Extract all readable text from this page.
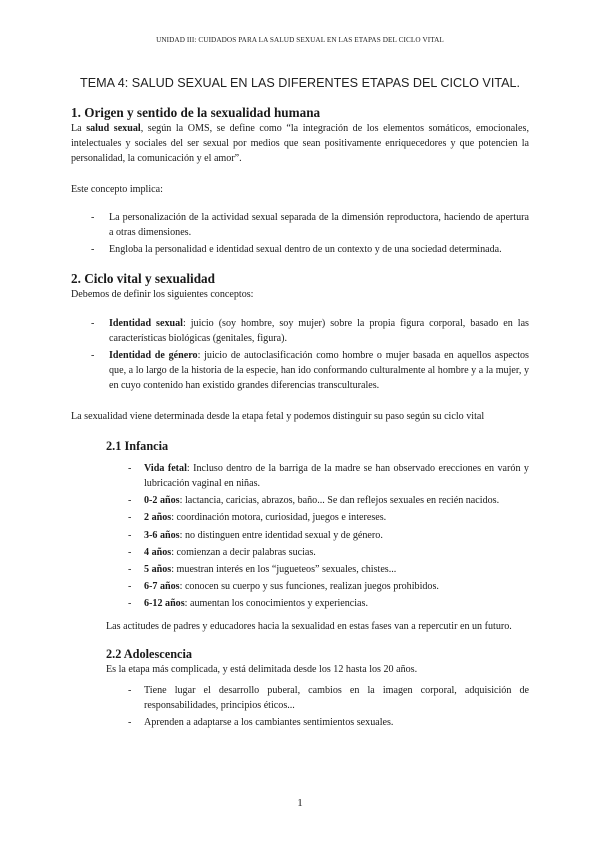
UNIDAD III: CUIDADOS PARA LA SALUD SEXUAL EN LAS ETAPAS DEL CICLO VITAL
TEMA 4: SALUD SEXUAL EN LAS DIFERENTES ETAPAS DEL CICLO VITAL.
1. Origen y sentido de la sexualidad humana

La salud sexual, según la OMS, se define como “la integración de los elementos somáticos, emocionales, intelectuales y sociales del ser sexual por medios que sean positivamente enriquecedores y que potencien la personalidad, la comunicación y el amor”.

Este concepto implica:

- La personalización de la actividad sexual separada de la dimensión reproductora, haciendo de apertura a otras dimensiones.
- Engloba la personalidad e identidad sexual dentro de un contexto y de una sociedad determinada.
2. Ciclo vital y sexualidad

Debemos de definir los siguientes conceptos:

- Identidad sexual: juicio (soy hombre, soy mujer) sobre la propia figura corporal, basado en las características biológicas (genitales, figura).
- Identidad de género: juicio de autoclasificación como hombre o mujer basada en aquellos aspectos que, a lo largo de la historia de la especie, han ido conformando culturalmente al hombre y a la mujer, y en cuyo contenido han existido grandes diferencias transculturales.

La sexualidad viene determinada desde la etapa fetal y podemos distinguir su paso según su ciclo vital

2.1 Infancia
- Vida fetal: Incluso dentro de la barriga de la madre se han observado erecciones en varón y lubricación vaginal en niñas.
- 0-2 años: lactancia, caricias, abrazos, baño... Se dan reflejos sexuales en recién nacidos.
- 2 años: coordinación motora, curiosidad, juegos e intereses.
- 3-6 años: no distinguen entre identidad sexual y de género.
- 4 años: comienzan a decir palabras sucias.
- 5 años: muestran interés en los “jugueteos” sexuales, chistes...
- 6-7 años: conocen su cuerpo y sus funciones, realizan juegos prohibidos.
- 6-12 años: aumentan los conocimientos y experiencias.

Las actitudes de padres y educadores hacia la sexualidad en estas fases van a repercutir en un futuro.

2.2 Adolescencia

Es la etapa más complicada, y está delimitada desde los 12 hasta los 20 años.

- Tiene lugar el desarrollo puberal, cambios en la imagen corporal, adquisición de responsabilidades, principios éticos...
- Aprenden a adaptarse a los cambiantes sentimientos sexuales.
1
